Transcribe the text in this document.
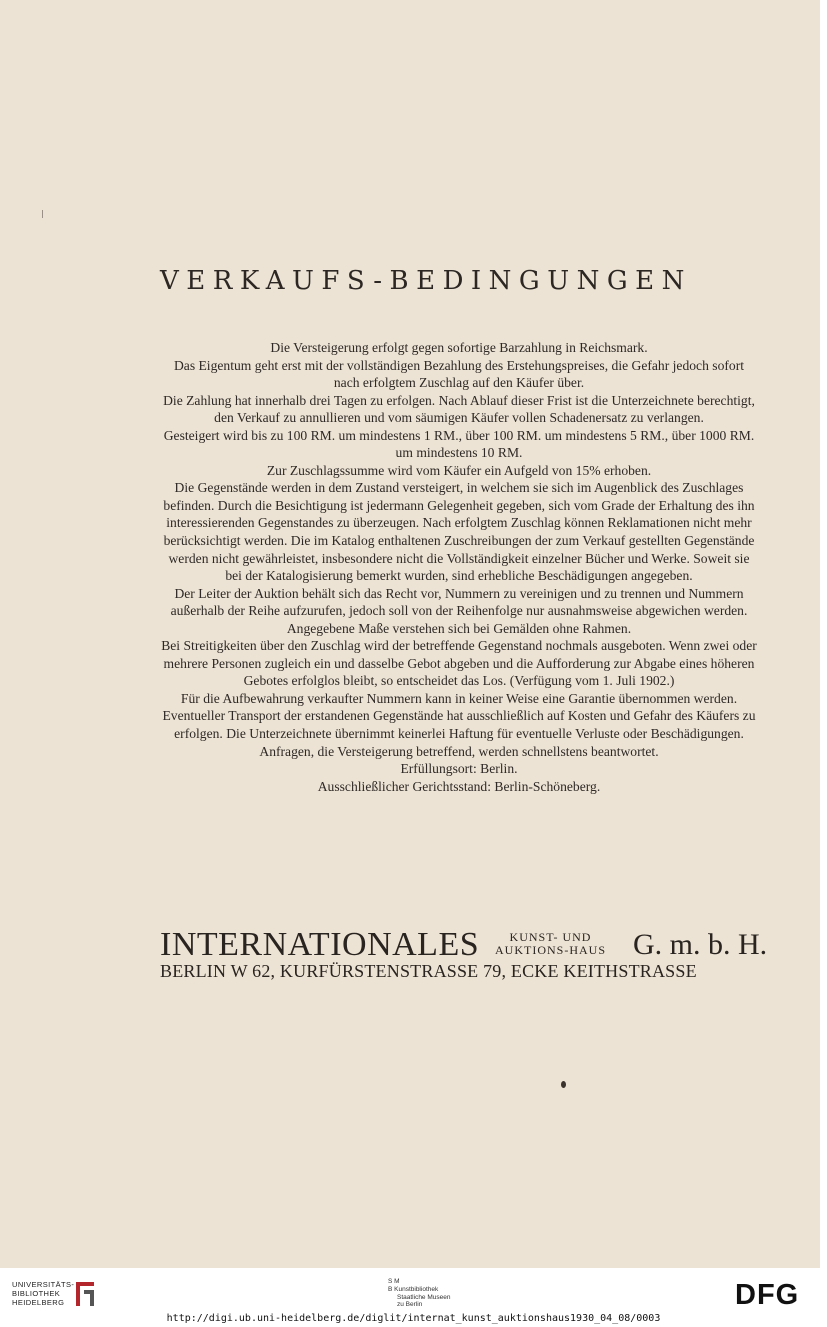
VERKAUFS-BEDINGUNGEN

Die Versteigerung erfolgt gegen sofortige Barzahlung in Reichsmark.

Das Eigentum geht erst mit der vollständigen Bezahlung des Erstehungspreises, die Gefahr jedoch sofort nach erfolgtem Zuschlag auf den Käufer über.

Die Zahlung hat innerhalb drei Tagen zu erfolgen. Nach Ablauf dieser Frist ist die Unterzeichnete berechtigt, den Verkauf zu annullieren und vom säumigen Käufer vollen Schadenersatz zu verlangen.

Gesteigert wird bis zu 100 RM. um mindestens 1 RM., über 100 RM. um mindestens 5 RM., über 1000 RM. um mindestens 10 RM.

Zur Zuschlagssumme wird vom Käufer ein Aufgeld von 15% erhoben.

Die Gegenstände werden in dem Zustand versteigert, in welchem sie sich im Augenblick des Zuschlages befinden. Durch die Besichtigung ist jedermann Gelegenheit gegeben, sich vom Grade der Erhaltung des ihn interessierenden Gegenstandes zu überzeugen. Nach erfolgtem Zuschlag können Reklamationen nicht mehr berücksichtigt werden. Die im Katalog enthaltenen Zuschreibungen der zum Verkauf gestellten Gegenstände werden nicht gewährleistet, insbesondere nicht die Vollständigkeit einzelner Bücher und Werke. Soweit sie bei der Katalogisierung bemerkt wurden, sind erhebliche Beschädigungen angegeben.

Der Leiter der Auktion behält sich das Recht vor, Nummern zu vereinigen und zu trennen und Nummern außerhalb der Reihe aufzurufen, jedoch soll von der Reihenfolge nur ausnahmsweise abgewichen werden.

Angegebene Maße verstehen sich bei Gemälden ohne Rahmen.

Bei Streitigkeiten über den Zuschlag wird der betreffende Gegenstand nochmals ausgeboten. Wenn zwei oder mehrere Personen zugleich ein und dasselbe Gebot abgeben und die Aufforderung zur Abgabe eines höheren Gebotes erfolglos bleibt, so entscheidet das Los. (Verfügung vom 1. Juli 1902.)

Für die Aufbewahrung verkaufter Nummern kann in keiner Weise eine Garantie übernommen werden. Eventueller Transport der erstandenen Gegenstände hat ausschließlich auf Kosten und Gefahr des Käufers zu erfolgen. Die Unterzeichnete übernimmt keinerlei Haftung für eventuelle Verluste oder Beschädigungen.

Anfragen, die Versteigerung betreffend, werden schnellstens beantwortet.

Erfüllungsort: Berlin.

Ausschließlicher Gerichtsstand: Berlin-Schöneberg.

INTERNATIONALES	KUNST- UND
AUKTIONS-HAUS G. m. b. H.
BERLIN W 62, KURFÜRSTENSTRASSE 79, ECKE KEITHSTRASSE
UNIVERSITÄTS-
BIBLIOTHEK
HEIDELBERG
S M
B Kunstbibliothek
Staatliche Museen
zu Berlin	DFG
http://digi.ub.uni-heidelberg.de/diglit/internat_kunst_auktionshaus1930_04_08/0003
